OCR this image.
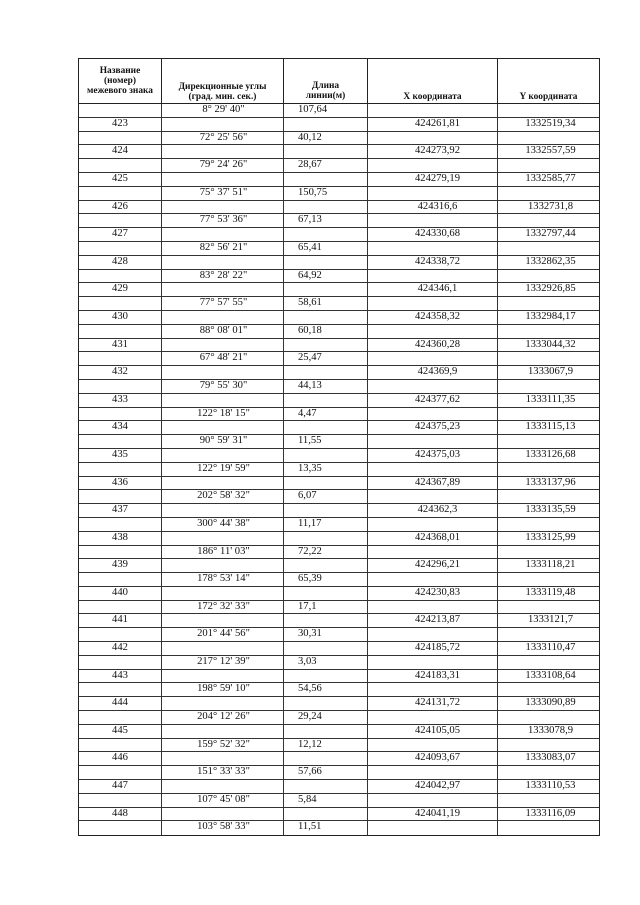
Название
(номер)
межевого знака	Дирекционные углы
(град. мин. сек.)
Длина
линии(м)	X координата	Y координата
8° 29' 40"	107,64
423	424261,81	1332519,34
72° 25' 56"	40,12
424	424273,92	1332557,59
79° 24' 26"	28,67
425	424279,19	1332585,77
75° 37' 51"	150,75
426	424316,6	1332731,8
77° 53' 36"	67,13
427	424330,68	1332797,44
82° 56' 21"	65,41
428	424338,72	1332862,35
83° 28' 22"	64,92
429	424346,1	1332926,85
77° 57' 55"	58,61
430	424358,32	1332984,17
88° 08' 01"	60,18
431	424360,28	1333044,32
67° 48' 21"	25,47
432	424369,9	1333067,9
79° 55' 30"	44,13
433	424377,62	1333111,35
122° 18' 15"	4,47
434	424375,23	1333115,13
90° 59' 31"	11,55
435	424375,03	1333126,68
122° 19' 59"	13,35
436	424367,89	1333137,96
202° 58' 32"	6,07
437	424362,3	1333135,59
300° 44' 38"	11,17
438	424368,01	1333125,99
186° 11' 03"	72,22
439	424296,21	1333118,21
178° 53' 14"	65,39
440	424230,83	1333119,48
172° 32' 33"	17,1
441	424213,87	1333121,7
201° 44' 56"	30,31
442	424185,72	1333110,47
217° 12' 39"	3,03
443	424183,31	1333108,64
198° 59' 10"	54,56
444	424131,72	1333090,89
204° 12' 26"	29,24
445	424105,05	1333078,9
159° 52' 32"	12,12
446	424093,67	1333083,07
151° 33' 33"	57,66
447	424042,97	1333110,53
107° 45' 08"	5,84
448	424041,19	1333116,09
103° 58' 33"	11,51
